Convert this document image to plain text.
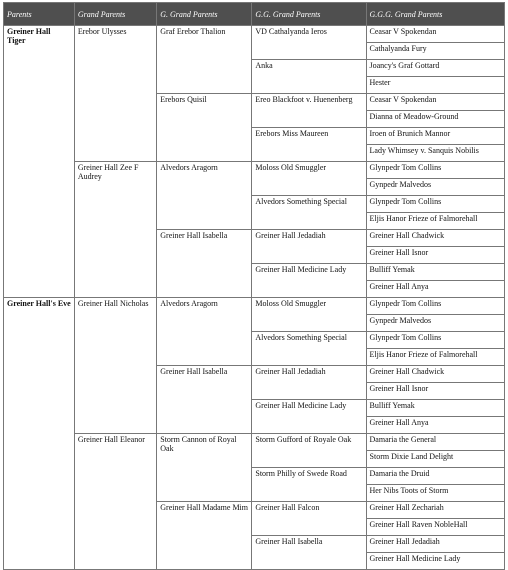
Parents	Grand Parents	G. Grand Parents	G.G. Grand Parents	G.G.G. Grand Parents
Greiner Hall Tiger	Erebor Ulysses	Graf Erebor Thalion	VD Cathalyanda Ieros	Ceasar V Spokendan
				Cathalyanda Fury
			Anka	Joancy's Graf Gottard
				Hester
		Erebors Quisil	Ereo Blackfoot v. Huenenberg	Ceasar V Spokendan
				Dianna of Meadow-Ground
			Erebors Miss Maureen	Iroen of Brunich Mannor
				Lady Whimsey v. Sanquis Nobilis
	Greiner Hall Zee F Audrey	Alvedors Aragorn	Moloss Old Smuggler	Glynpedr Tom Collins
				Gynpedr Malvedos
			Alvedors Something Special	Glynpedr Tom Collins
				Eljis Hanor Frieze of Falmorehall
		Greiner Hall Isabella	Greiner Hall Jedadiah	Greiner Hall Chadwick
				Greiner Hall Isnor
			Greiner Hall Medicine Lady	Bulliff Yemak
				Greiner Hall Anya
Greiner Hall's Eve	Greiner Hall Nicholas	Alvedors Aragorn	Moloss Old Smuggler	Glynpedr Tom Collins
				Gynpedr Malvedos
			Alvedors Something Special	Glynpedr Tom Collins
				Eljis Hanor Frieze of Falmorehall
		Greiner Hall Isabella	Greiner Hall Jedadiah	Greiner Hall Chadwick
				Greiner Hall Isnor
			Greiner Hall Medicine Lady	Bulliff Yemak
				Greiner Hall Anya
	Greiner Hall Eleanor	Storm Cannon of Royal Oak	Storm Gufford of Royale Oak	Damaria the General
				Storm Dixie Land Delight
			Storm Philly of Swede Road	Damaria the Druid
				Her Nibs Toots of Storm
		Greiner Hall Madame Mim	Greiner Hall Falcon	Greiner Hall Zechariah
				Greiner Hall Raven NobleHall
			Greiner Hall Isabella	Greiner Hall Jedadiah
				Greiner Hall Medicine Lady
